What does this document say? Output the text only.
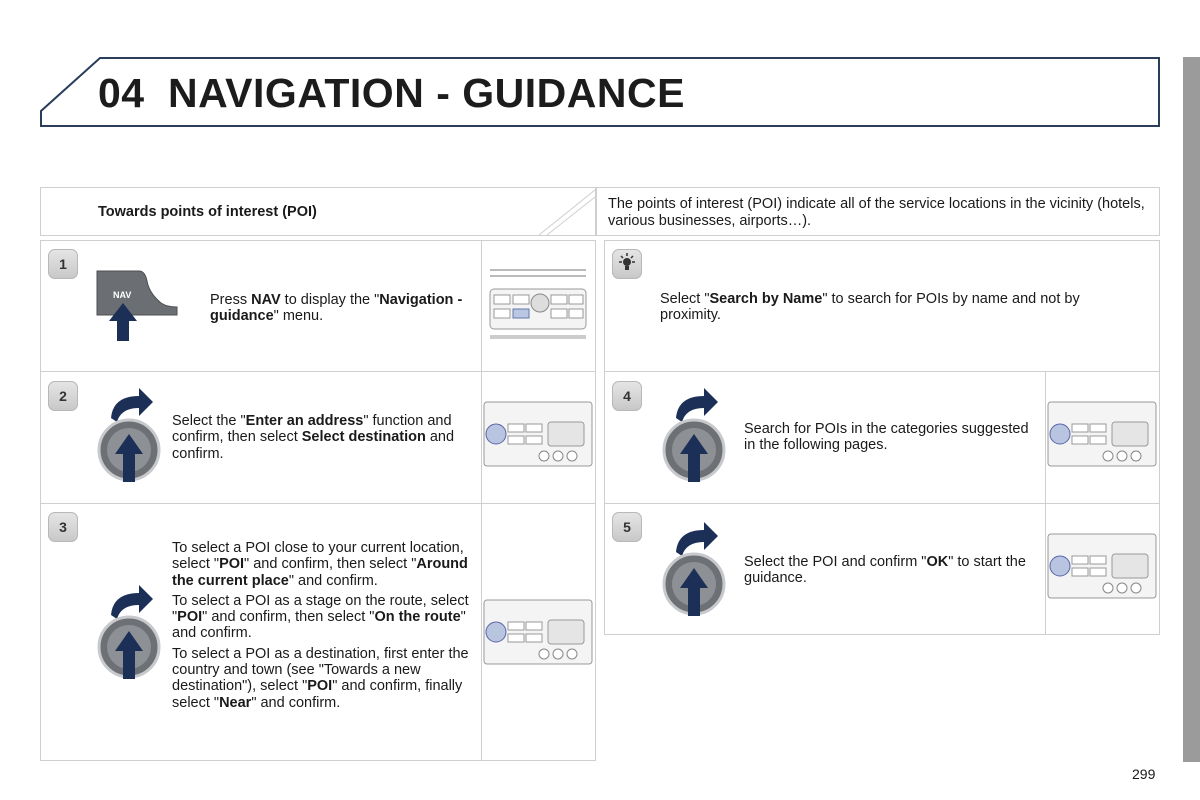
04 NAVIGATION - GUIDANCE
Towards points of interest (POI)	The points of interest (POI) indicate all of the service locations in the vicinity (hotels, various businesses, airports…).
1
NAV	Press NAV to display the "Navigation - guidance" menu.
2
Select the "Enter an address" function and confirm, then select Select destination and confirm.
3

To select a POI close to your current location, select "POI" and confirm, then select "Around the current place" and confirm.

To select a POI as a stage on the route, select "POI" and confirm, then select "On the route" and confirm.

To select a POI as a destination, first enter the country and town (see "Towards a new destination"), select "POI" and confirm, finally select "Near" and confirm.

Select "Search by Name" to search for POIs by name and not by proximity.
4
Search for POIs in the categories suggested in the following pages.
5
Select the POI and confirm "OK" to start the guidance.
299
